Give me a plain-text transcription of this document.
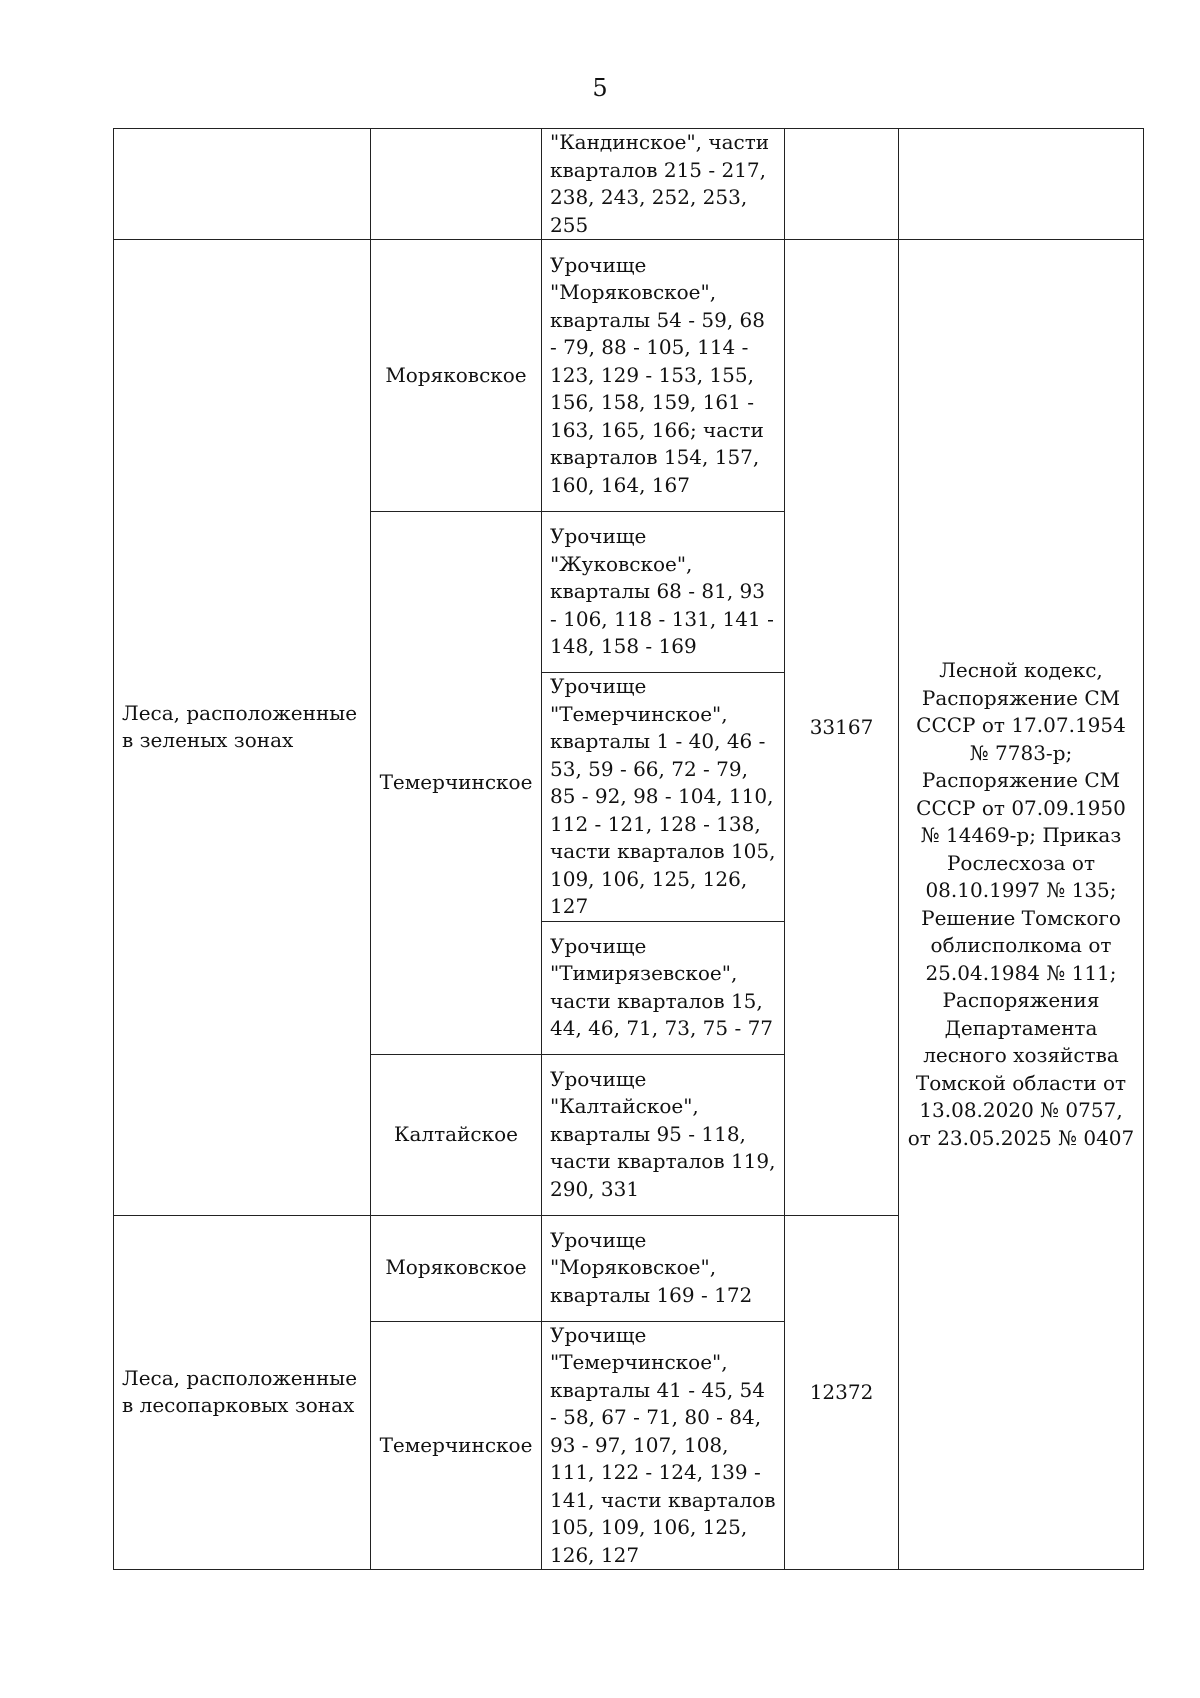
5
		"Кандинское", части кварталов 215 - 217, 238, 243, 252, 253, 255		
Леса, расположенные в зеленых зонах	Моряковское	Урочище "Моряковское", кварталы 54 - 59, 68 - 79, 88 - 105, 114 - 123, 129 - 153, 155, 156, 158, 159, 161 - 163, 165, 166; части кварталов 154, 157, 160, 164, 167	33167	Лесной кодекс, Распоряжение СМ СССР от 17.07.1954 № 7783-р; Распоряжение СМ СССР от 07.09.1950 № 14469-р; Приказ Рослесхоза от 08.10.1997 № 135; Решение Томского облисполкома от 25.04.1984 № 111; Распоряжения Департамента лесного хозяйства Томской области от 13.08.2020 № 0757, от 23.05.2025 № 0407
	Темерчинское	Урочище "Жуковское", кварталы 68 - 81, 93 - 106, 118 - 131, 141 - 148, 158 - 169		
		Урочище "Темерчинское", кварталы 1 - 40, 46 - 53, 59 - 66, 72 - 79, 85 - 92, 98 - 104, 110, 112 - 121, 128 - 138, части кварталов 105, 109, 106, 125, 126, 127		
		Урочище "Тимирязевское", части кварталов 15, 44, 46, 71, 73, 75 - 77		
	Калтайское	Урочище "Калтайское", кварталы 95 - 118, части кварталов 119, 290, 331		
Леса, расположенные в лесопарковых зонах	Моряковское	Урочище "Моряковское", кварталы 169 - 172	12372	
	Темерчинское	Урочище "Темерчинское", кварталы 41 - 45, 54 - 58, 67 - 71, 80 - 84, 93 - 97, 107, 108, 111, 122 - 124, 139 - 141, части кварталов 105, 109, 106, 125, 126, 127		
